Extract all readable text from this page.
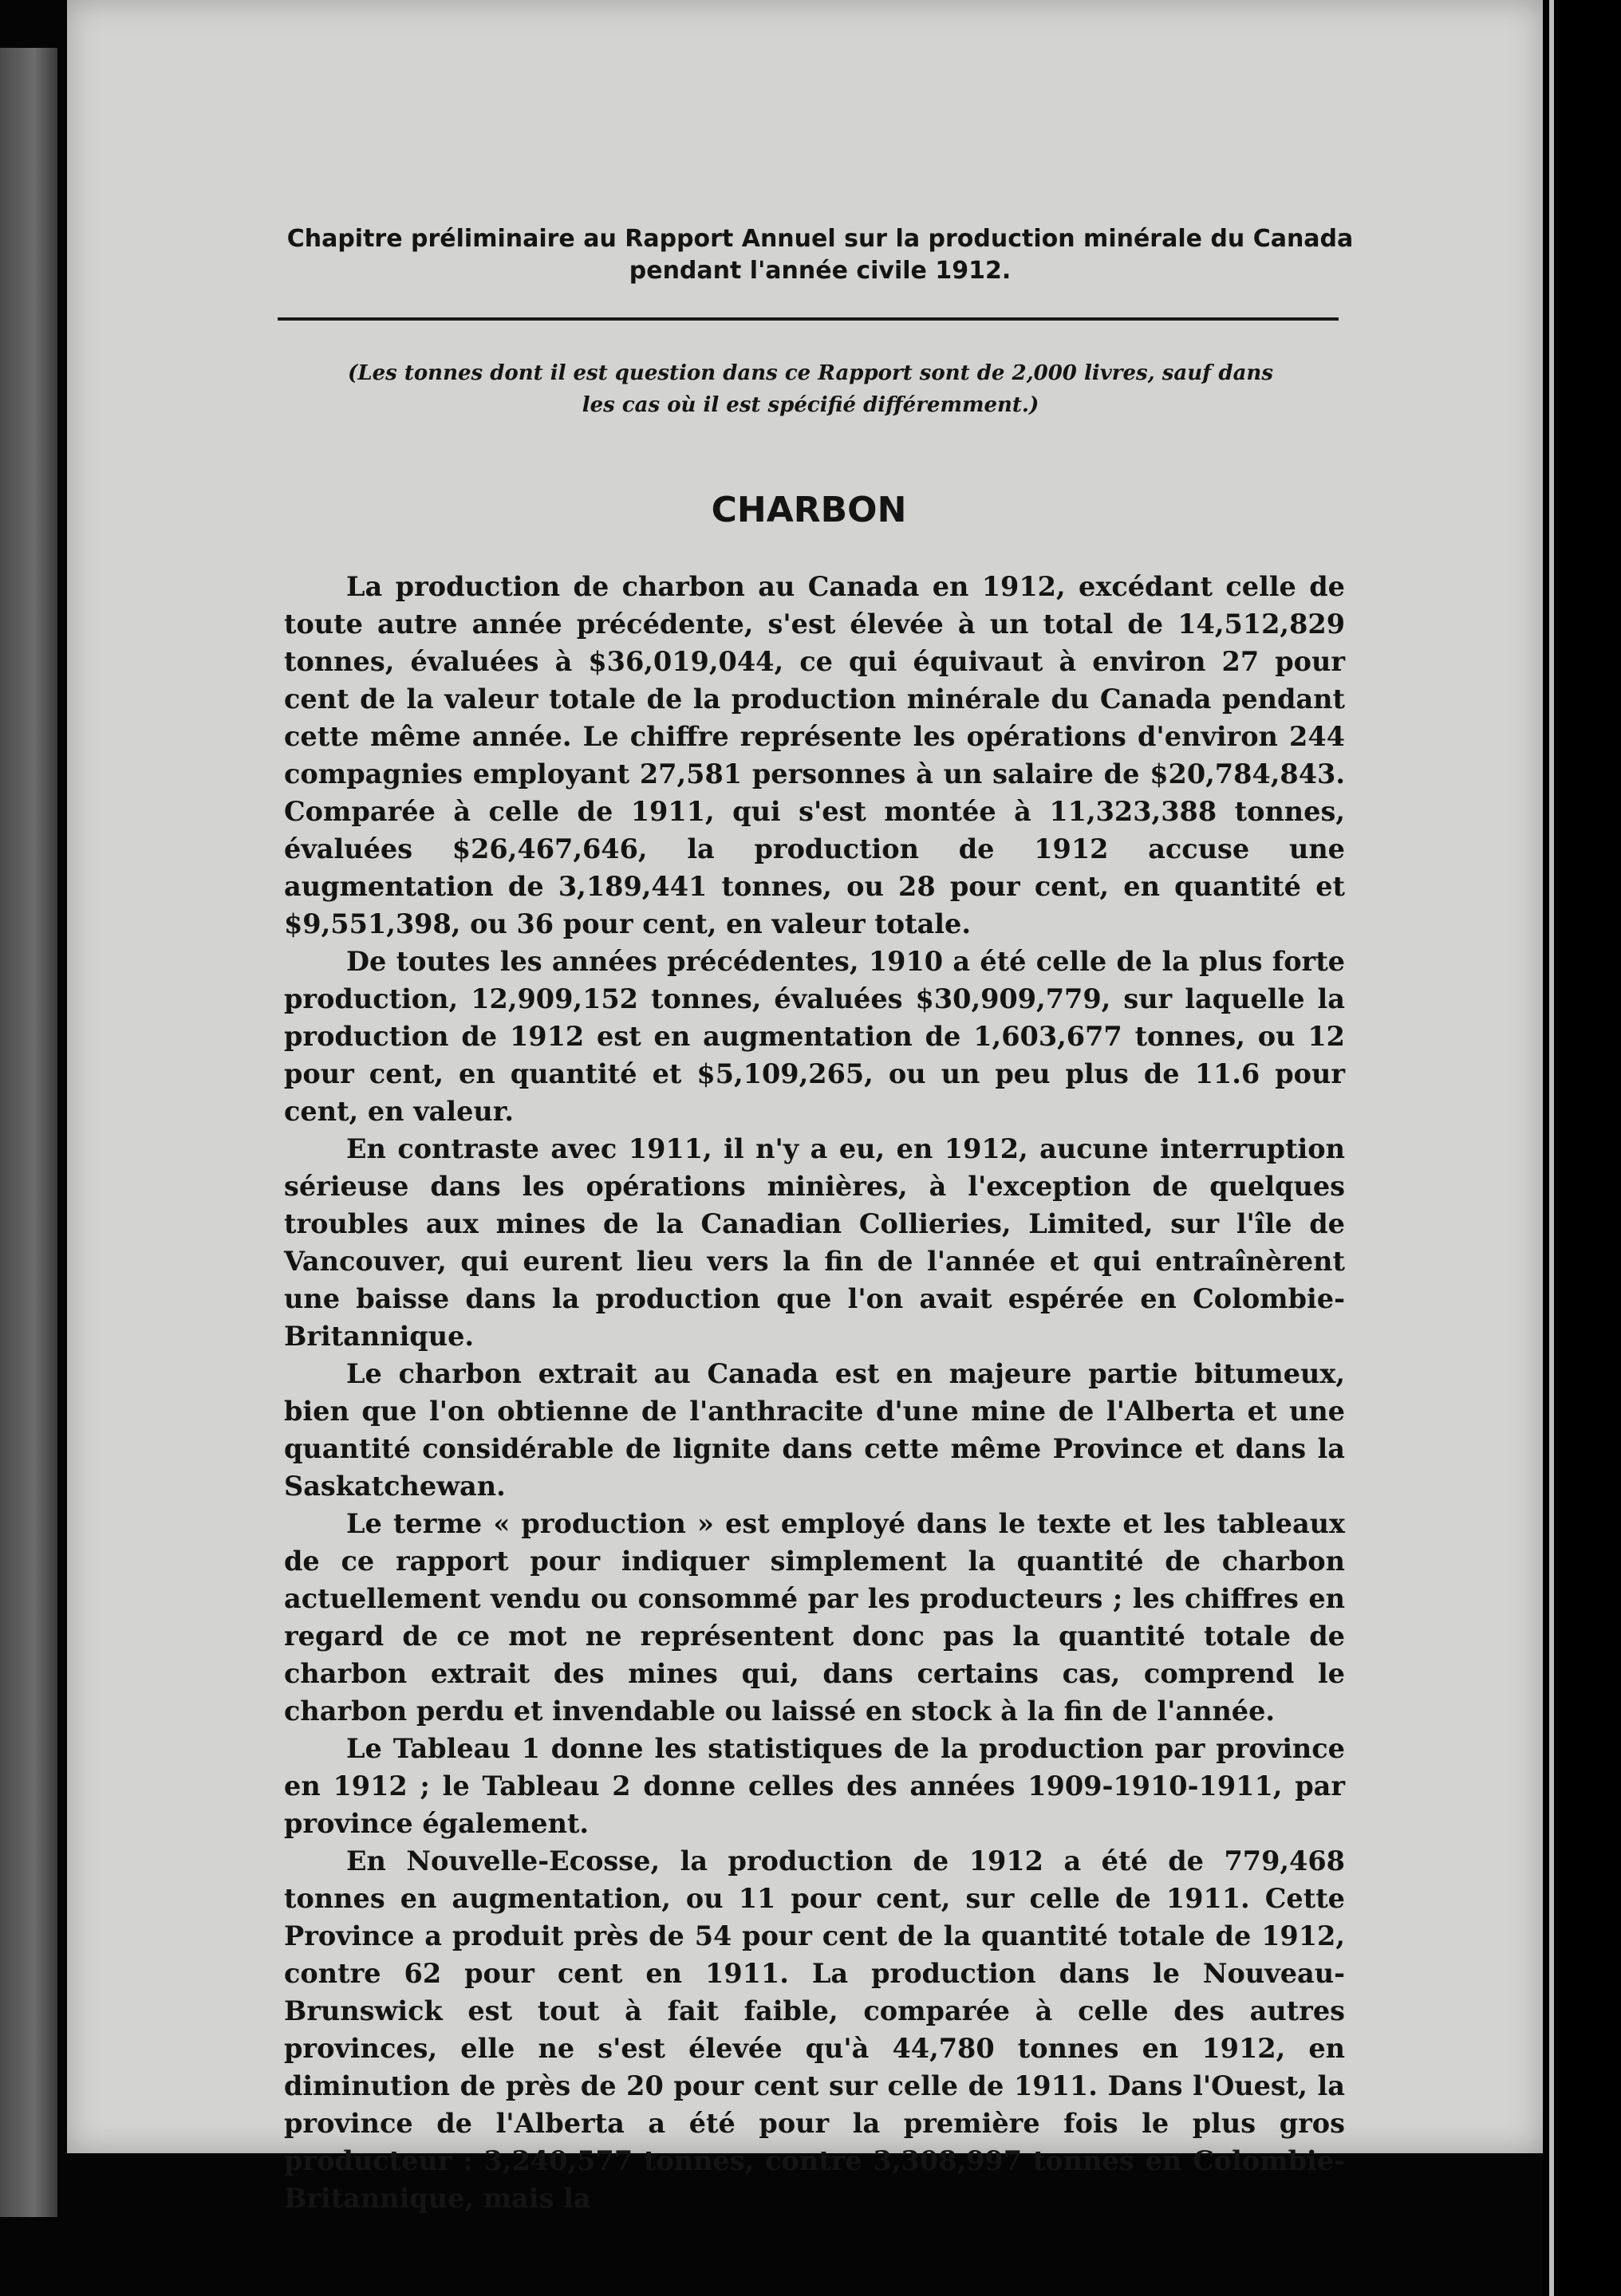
Chapitre préliminaire au Rapport Annuel sur la production minérale du Canada pendant l'année civile 1912.

(Les tonnes dont il est question dans ce Rapport sont de 2,000 livres, sauf dans les cas où il est spécifié différemment.)

CHARBON

La production de charbon au Canada en 1912, excédant celle de toute autre année précédente, s'est élevée à un total de 14,512,829 tonnes, évaluées à $36,019,044, ce qui équivaut à environ 27 pour cent de la valeur totale de la production minérale du Canada pendant cette même année. Le chiffre représente les opérations d'environ 244 compagnies employant 27,581 personnes à un salaire de $20,784,843. Comparée à celle de 1911, qui s'est montée à 11,323,388 tonnes, évaluées $26,467,646, la production de 1912 accuse une augmentation de 3,189,441 tonnes, ou 28 pour cent, en quantité et $9,551,398, ou 36 pour cent, en valeur totale.

De toutes les années précédentes, 1910 a été celle de la plus forte production, 12,909,152 tonnes, évaluées $30,909,779, sur laquelle la production de 1912 est en augmentation de 1,603,677 tonnes, ou 12 pour cent, en quantité et $5,109,265, ou un peu plus de 11.6 pour cent, en valeur.

En contraste avec 1911, il n'y a eu, en 1912, aucune interruption sérieuse dans les opérations minières, à l'exception de quelques troubles aux mines de la Canadian Collieries, Limited, sur l'île de Vancouver, qui eurent lieu vers la fin de l'année et qui entraînèrent une baisse dans la production que l'on avait espérée en Colombie-Britannique.

Le charbon extrait au Canada est en majeure partie bitumeux, bien que l'on obtienne de l'anthracite d'une mine de l'Alberta et une quantité considérable de lignite dans cette même Province et dans la Saskatchewan.

Le terme « production » est employé dans le texte et les tableaux de ce rapport pour indiquer simplement la quantité de charbon actuellement vendu ou consommé par les producteurs ; les chiffres en regard de ce mot ne représentent donc pas la quantité totale de charbon extrait des mines qui, dans certains cas, comprend le charbon perdu et invendable ou laissé en stock à la fin de l'année.

Le Tableau 1 donne les statistiques de la production par province en 1912 ; le Tableau 2 donne celles des années 1909-1910-1911, par province également.

En Nouvelle-Ecosse, la production de 1912 a été de 779,468 tonnes en augmentation, ou 11 pour cent, sur celle de 1911. Cette Province a produit près de 54 pour cent de la quantité totale de 1912, contre 62 pour cent en 1911. La production dans le Nouveau-Brunswick est tout à fait faible, comparée à celle des autres provinces, elle ne s'est élevée qu'à 44,780 tonnes en 1912, en diminution de près de 20 pour cent sur celle de 1911. Dans l'Ouest, la province de l'Alberta a été pour la première fois le plus gros producteur : 3,240,577 tonnes, contre 3,308,997 tonnes en Colombie-Britannique, mais la
